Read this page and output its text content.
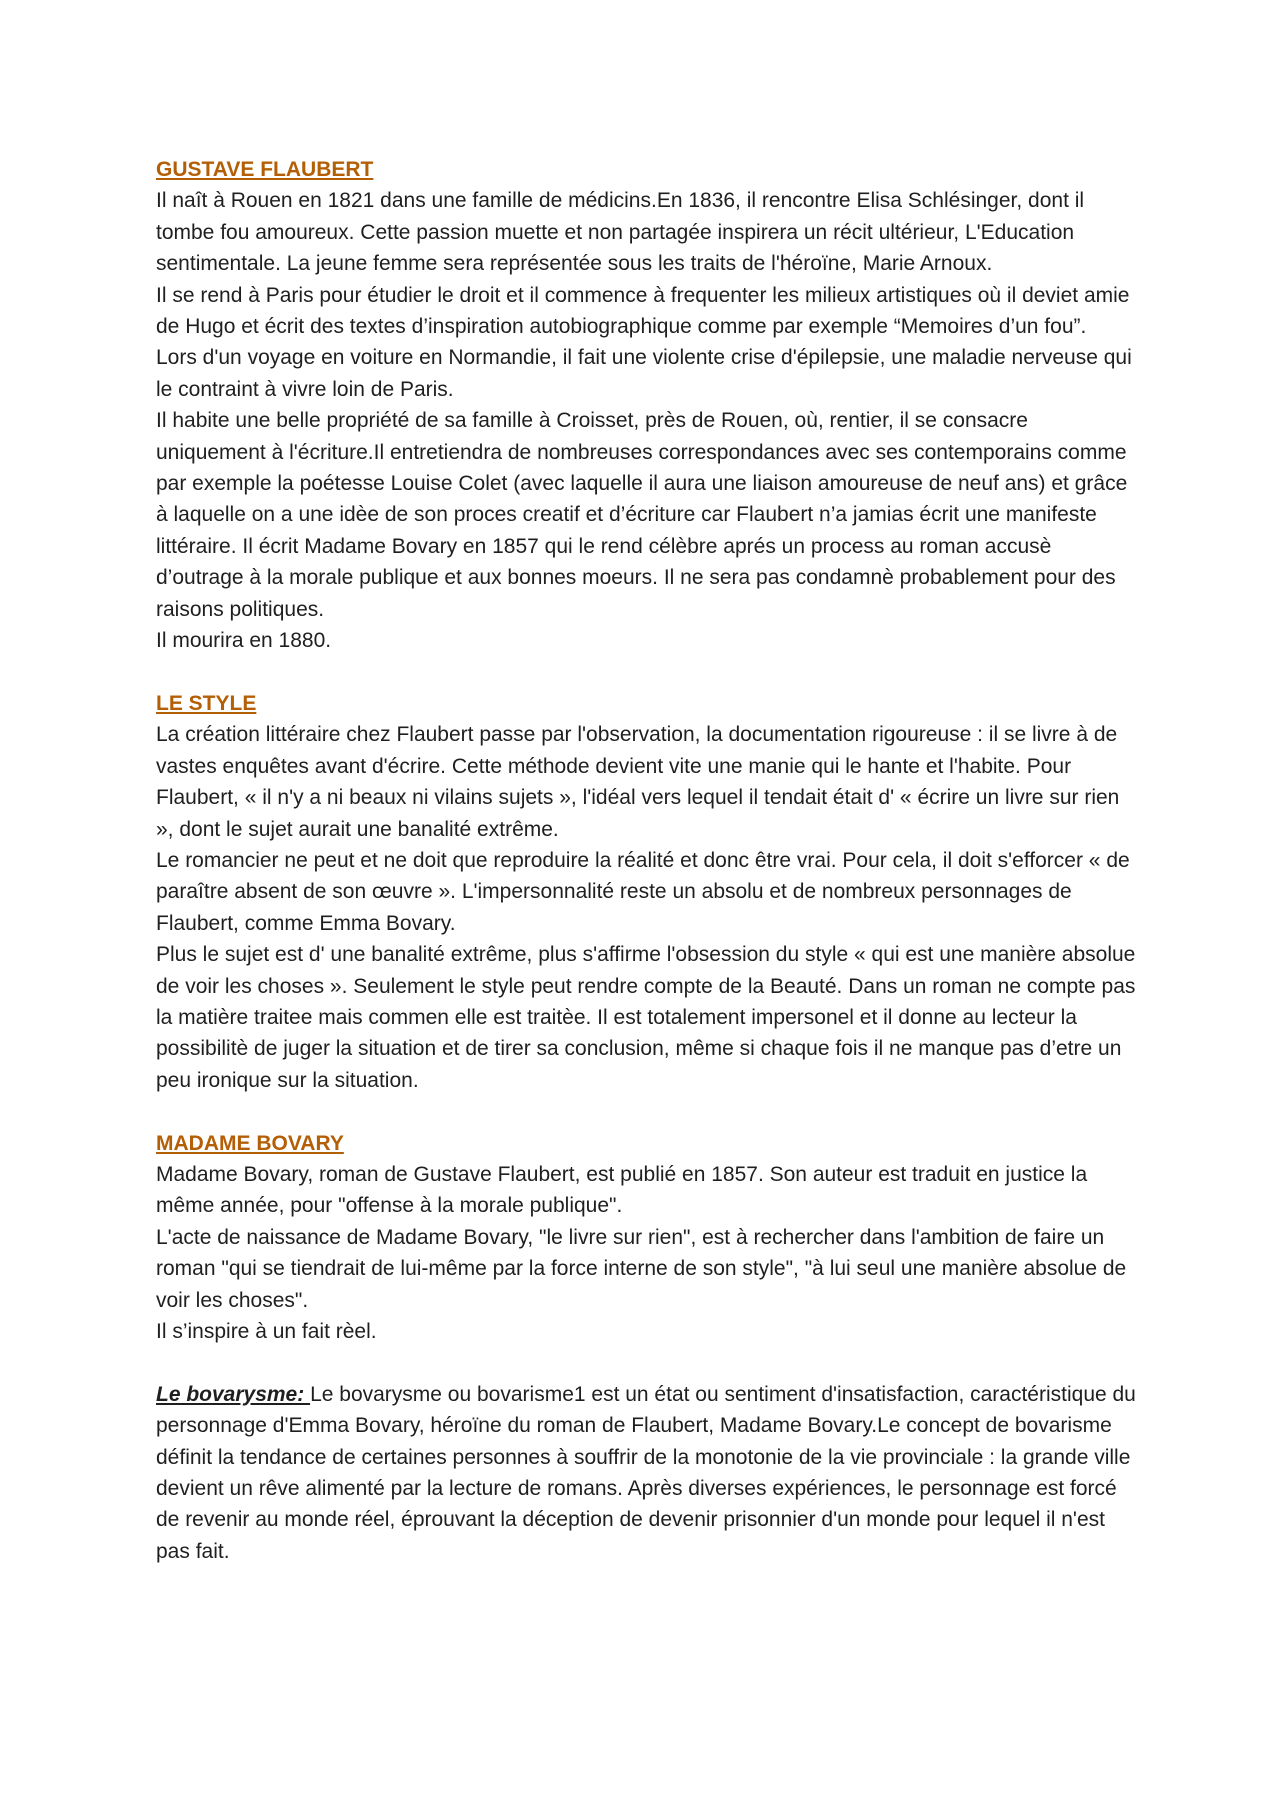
GUSTAVE FLAUBERT

Il naît à Rouen en 1821 dans une famille de médicins.En 1836, il rencontre Elisa Schlésinger, dont il tombe fou amoureux. Cette passion muette et non partagée inspirera un récit ultérieur, L'Education sentimentale. La jeune femme sera représentée sous les traits de l'héroïne, Marie Arnoux.

Il se rend à Paris pour étudier le droit et il commence à frequenter les milieux artistiques où il deviet amie de Hugo et écrit des textes d’inspiration autobiographique comme par exemple “Memoires d’un fou”.

Lors d'un voyage en voiture en Normandie, il fait une violente crise d'épilepsie, une maladie nerveuse qui le contraint à vivre loin de Paris.

Il habite une belle propriété de sa famille à Croisset, près de Rouen, où, rentier, il se consacre uniquement à l'écriture.Il entretiendra de nombreuses correspondances avec ses contemporains comme par exemple la poétesse Louise Colet (avec laquelle il aura une liaison amoureuse de neuf ans) et grâce à laquelle on a une idèe de son proces creatif et d’écriture car Flaubert n’a jamias écrit une manifeste littéraire. Il écrit Madame Bovary en 1857 qui le rend célèbre aprés un process au roman accusè d’outrage à la morale publique et aux bonnes moeurs. Il ne sera pas condamnè probablement pour des raisons politiques.

Il mourira en 1880.

LE STYLE

La création littéraire chez Flaubert passe par l'observation, la documentation rigoureuse : il se livre à de vastes enquêtes avant d'écrire. Cette méthode devient vite une manie qui le hante et l'habite. Pour Flaubert, « il n'y a ni beaux ni vilains sujets », l'idéal vers lequel il tendait était d' « écrire un livre sur rien », dont le sujet aurait une banalité extrême.

Le romancier ne peut et ne doit que reproduire la réalité et donc être vrai. Pour cela, il doit s'efforcer « de paraître absent de son œuvre ». L'impersonnalité reste un absolu et de nombreux personnages de Flaubert, comme Emma Bovary.

Plus le sujet est d' une banalité extrême, plus s'affirme l'obsession du style « qui est une manière absolue de voir les choses ». Seulement le style peut rendre compte de la Beauté. Dans un roman ne compte pas la matière traitee mais commen elle est traitèe. Il est totalement impersonel et il donne au lecteur la possibilitè de juger la situation et de tirer sa conclusion, même si chaque fois il ne manque pas d’etre un peu ironique sur la situation.

MADAME BOVARY

Madame Bovary, roman de Gustave Flaubert, est publié en 1857. Son auteur est traduit en justice la même année, pour "offense à la morale publique".

L'acte de naissance de Madame Bovary, "le livre sur rien", est à rechercher dans l'ambition de faire un roman "qui se tiendrait de lui-même par la force interne de son style", "à lui seul une manière absolue de voir les choses".

Il s’inspire à un fait rèel.

Le bovarysme: Le bovarysme ou bovarisme1 est un état ou sentiment d'insatisfaction, caractéristique du personnage d'Emma Bovary, héroïne du roman de Flaubert, Madame Bovary.Le concept de bovarisme définit la tendance de certaines personnes à souffrir de la monotonie de la vie provinciale : la grande ville devient un rêve alimenté par la lecture de romans. Après diverses expériences, le personnage est forcé de revenir au monde réel, éprouvant la déception de devenir prisonnier d'un monde pour lequel il n'est pas fait.
